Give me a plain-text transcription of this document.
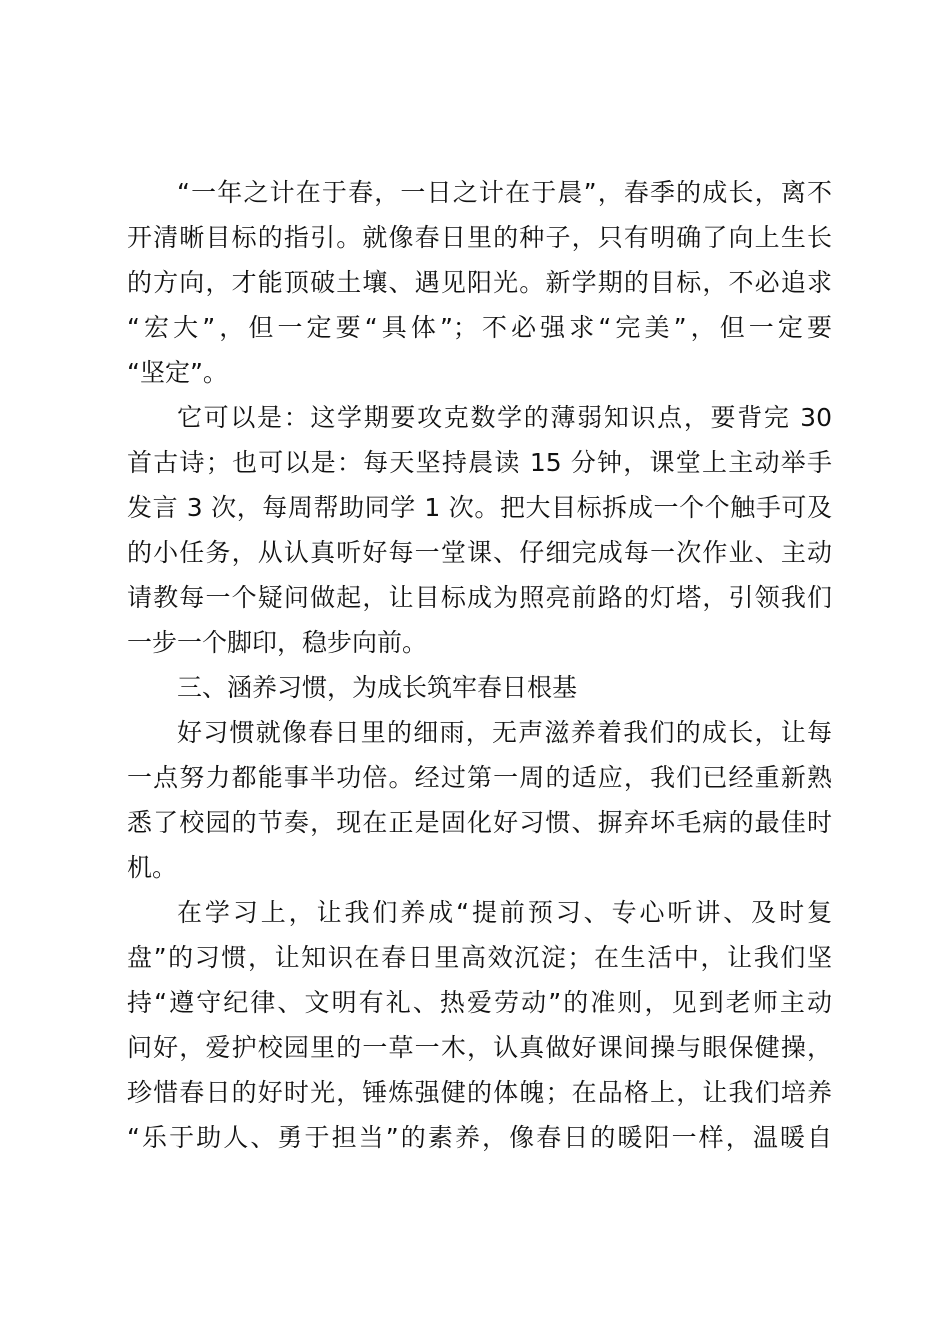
“一年之计在于春，一日之计在于晨”，春季的成长，离不
开清晰目标的指引。就像春日里的种子，只有明确了向上生长
的方向，才能顶破土壤、遇见阳光。新学期的目标，不必追求
“宏大”，但一定要“具体”；不必强求“完美”，但一定要
“坚定”。
它可以是：这学期要攻克数学的薄弱知识点，要背完 30
首古诗；也可以是：每天坚持晨读 15 分钟，课堂上主动举手
发言 3 次，每周帮助同学 1 次。把大目标拆成一个个触手可及
的小任务，从认真听好每一堂课、仔细完成每一次作业、主动
请教每一个疑问做起，让目标成为照亮前路的灯塔，引领我们
一步一个脚印，稳步向前。
三、涵养习惯，为成长筑牢春日根基
好习惯就像春日里的细雨，无声滋养着我们的成长，让每
一点努力都能事半功倍。经过第一周的适应，我们已经重新熟
悉了校园的节奏，现在正是固化好习惯、摒弃坏毛病的最佳时
机。
在学习上，让我们养成“提前预习、专心听讲、及时复
盘”的习惯，让知识在春日里高效沉淀；在生活中，让我们坚
持“遵守纪律、文明有礼、热爱劳动”的准则，见到老师主动
问好，爱护校园里的一草一木，认真做好课间操与眼保健操，
珍惜春日的好时光，锤炼强健的体魄；在品格上，让我们培养
“乐于助人、勇于担当”的素养，像春日的暖阳一样，温暖自
